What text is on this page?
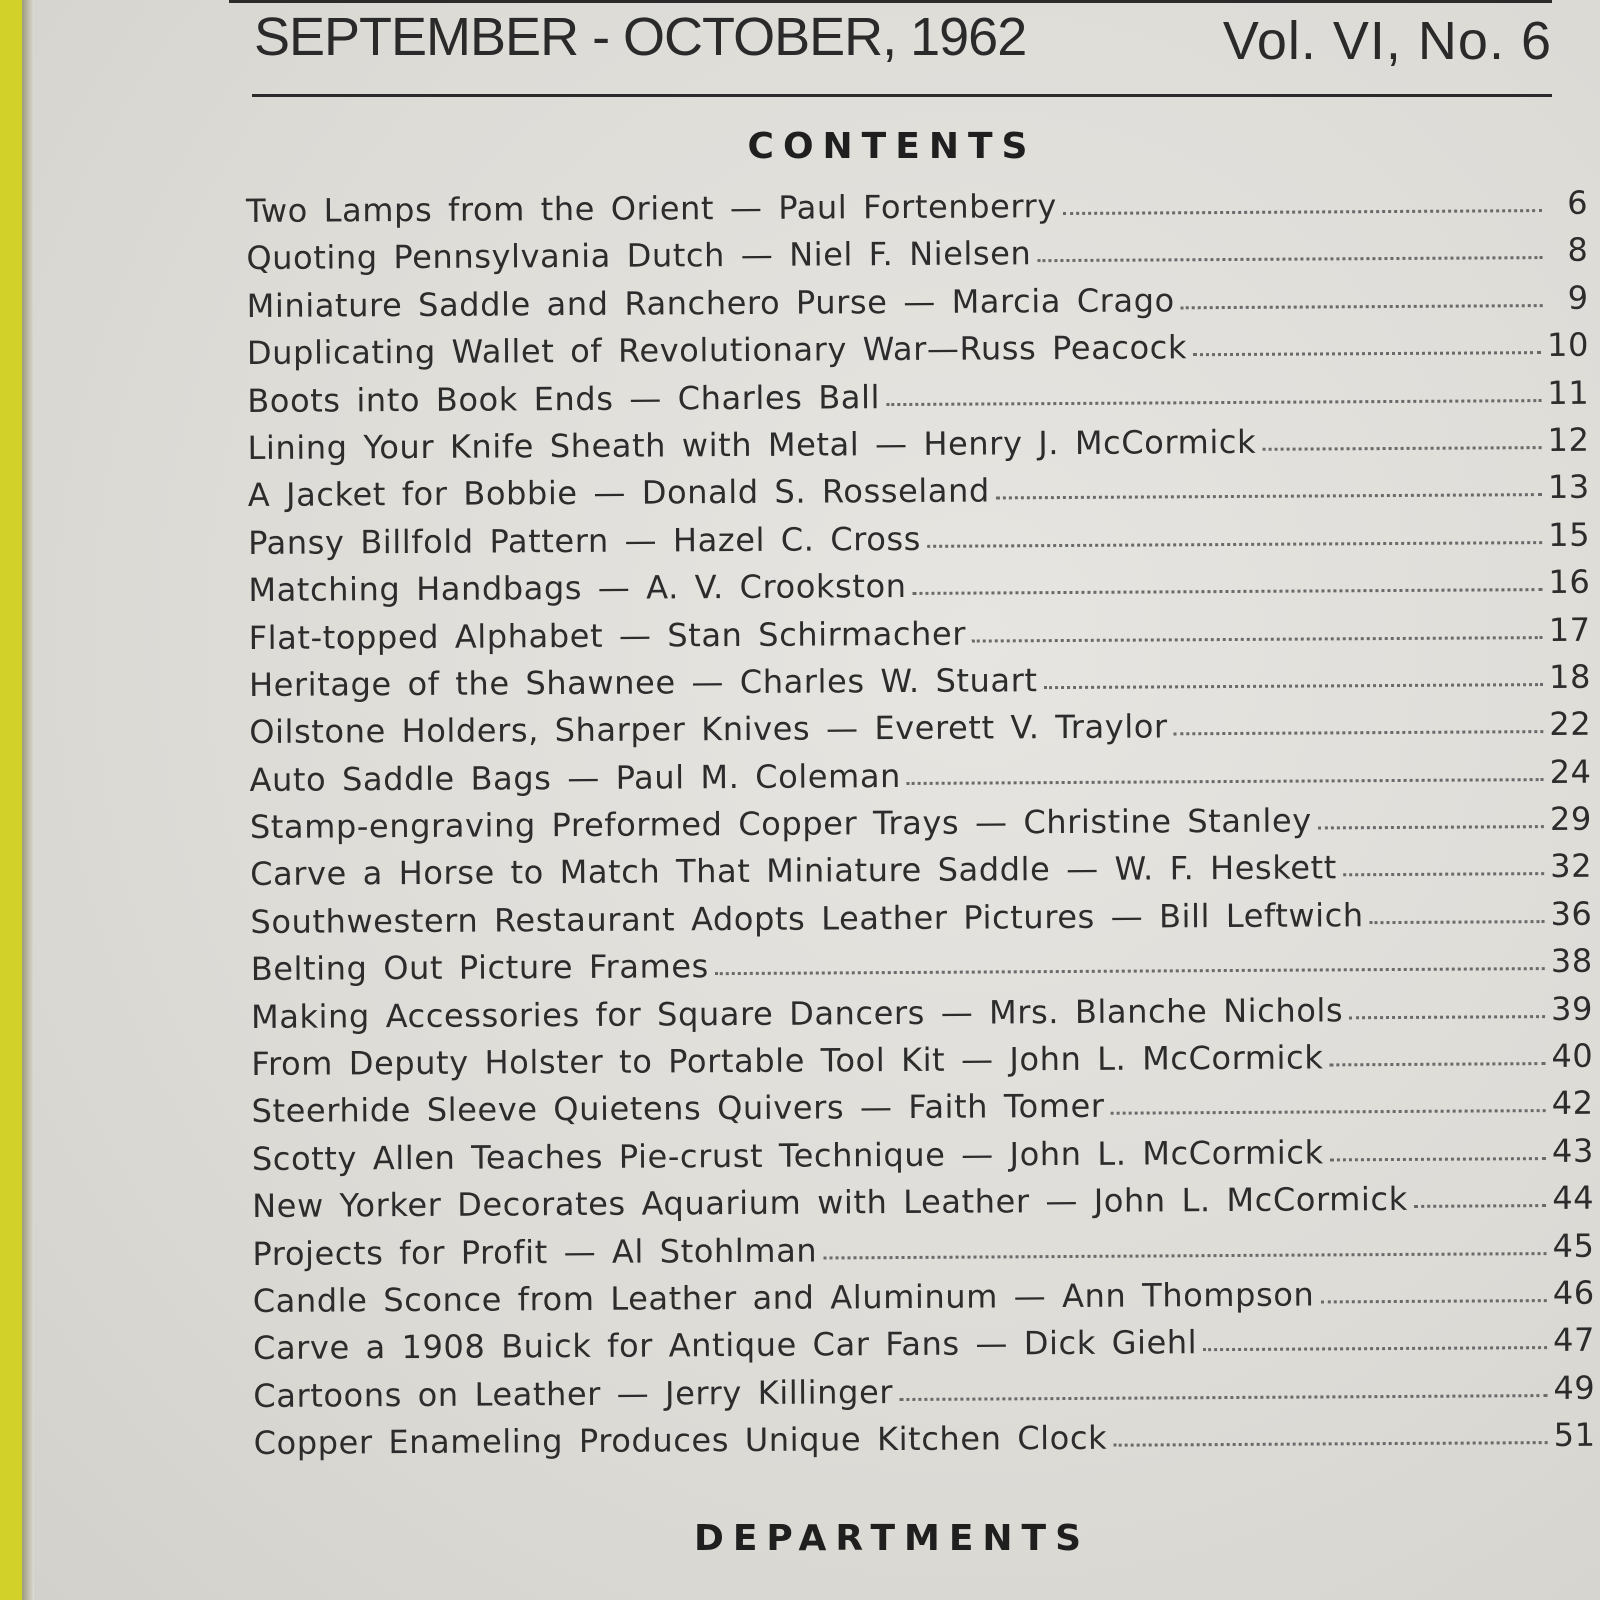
SEPTEMBER - OCTOBER, 1962	Vol. VI, No. 6
CONTENTS
Two Lamps from the Orient — Paul Fortenberry	6
Quoting Pennsylvania Dutch — Niel F. Nielsen	8
Miniature Saddle and Ranchero Purse — Marcia Crago	9
Duplicating Wallet of Revolutionary War—Russ Peacock	10
Boots into Book Ends — Charles Ball	11
Lining Your Knife Sheath with Metal — Henry J. McCormick	12
A Jacket for Bobbie — Donald S. Rosseland	13
Pansy Billfold Pattern — Hazel C. Cross	15
Matching Handbags — A. V. Crookston	16
Flat-topped Alphabet — Stan Schirmacher	17
Heritage of the Shawnee — Charles W. Stuart	18
Oilstone Holders, Sharper Knives — Everett V. Traylor	22
Auto Saddle Bags — Paul M. Coleman	24
Stamp-engraving Preformed Copper Trays — Christine Stanley	29
Carve a Horse to Match That Miniature Saddle — W. F. Heskett	32
Southwestern Restaurant Adopts Leather Pictures — Bill Leftwich	36
Belting Out Picture Frames	38
Making Accessories for Square Dancers — Mrs. Blanche Nichols	39
From Deputy Holster to Portable Tool Kit — John L. McCormick	40
Steerhide Sleeve Quietens Quivers — Faith Tomer	42
Scotty Allen Teaches Pie-crust Technique — John L. McCormick	43
New Yorker Decorates Aquarium with Leather — John L. McCormick	44
Projects for Profit — Al Stohlman	45
Candle Sconce from Leather and Aluminum — Ann Thompson	46
Carve a 1908 Buick for Antique Car Fans — Dick Giehl	47
Cartoons on Leather — Jerry Killinger	49
Copper Enameling Produces Unique Kitchen Clock	51
DEPARTMENTS
